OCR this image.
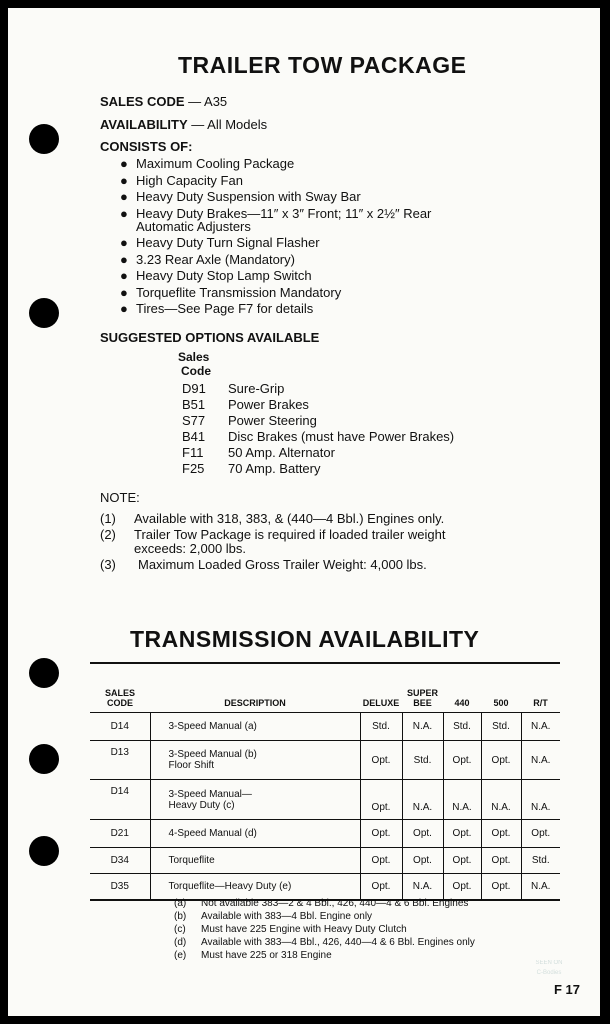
TRAILER TOW PACKAGE
SALES CODE — A35
AVAILABILITY — All Models
CONSISTS OF:
● Maximum Cooling Package
● High Capacity Fan
● Heavy Duty Suspension with Sway Bar
● Heavy Duty Brakes—11″ x 3″ Front; 11″ x 2½″ Rear
Automatic Adjusters
● Heavy Duty Turn Signal Flasher
● 3.23 Rear Axle (Mandatory)
● Heavy Duty Stop Lamp Switch
● Torqueflite Transmission Mandatory
● Tires—See Page F7 for details
SUGGESTED OPTIONS AVAILABLE
Sales
Code
D91 Sure-Grip
B51 Power Brakes
S77 Power Steering
B41 Disc Brakes (must have Power Brakes)
F11 50 Amp. Alternator
F25 70 Amp. Battery
NOTE:
(1) Available with 318, 383, & (440—4 Bbl.) Engines only.
(2) Trailer Tow Package is required if loaded trailer weight
exceeds: 2,000 lbs.
(3) Maximum Loaded Gross Trailer Weight: 4,000 lbs.
TRANSMISSION AVAILABILITY
SALES
CODE	DESCRIPTION	DELUXE	SUPER
BEE	440	500	R/T
D14	3-Speed Manual (a)	Std.	N.A.	Std.	Std.	N.A.
D13	3-Speed Manual (b)
Floor Shift	Opt.	Std.	Opt.	Opt.	N.A.
D14	3-Speed Manual—
Heavy Duty (c)	Opt.	N.A.	N.A.	N.A.	N.A.
D21	4-Speed Manual (d)	Opt.	Opt.	Opt.	Opt.	Opt.
D34	Torqueflite	Opt.	Opt.	Opt.	Opt.	Std.
D35	Torqueflite—Heavy Duty (e)	Opt.	N.A.	Opt.	Opt.	N.A.
(a) Not available 383—2 & 4 Bbl., 426, 440—4 & 6 Bbl. Engines
(b) Available with 383—4 Bbl. Engine only
(c) Must have 225 Engine with Heavy Duty Clutch
(d) Available with 383—4 Bbl., 426, 440—4 & 6 Bbl. Engines only
(e) Must have 225 or 318 Engine
SEEN ON
C-Bodies
F 17
